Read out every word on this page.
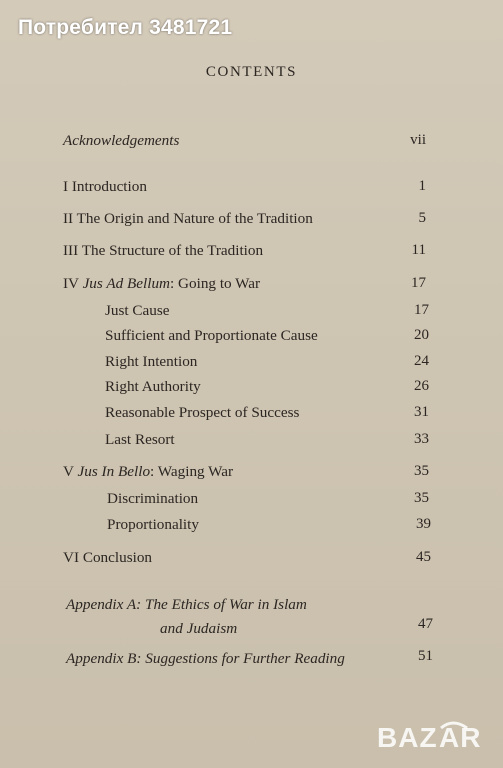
Потребител 3481721
CONTENTS
Acknowledgements	vii
I Introduction	1
II The Origin and Nature of the Tradition	5
III The Structure of the Tradition	11
IV Jus Ad Bellum: Going to War	17
Just Cause	17
Sufficient and Proportionate Cause	20
Right Intention	24
Right Authority	26
Reasonable Prospect of Success	31
Last Resort	33
V Jus In Bello: Waging War	35
Discrimination	35
Proportionality	39
VI Conclusion	45
Appendix A: The Ethics of War in Islam
and Judaism	47
Appendix B: Suggestions for Further Reading	51
BAZ AR
